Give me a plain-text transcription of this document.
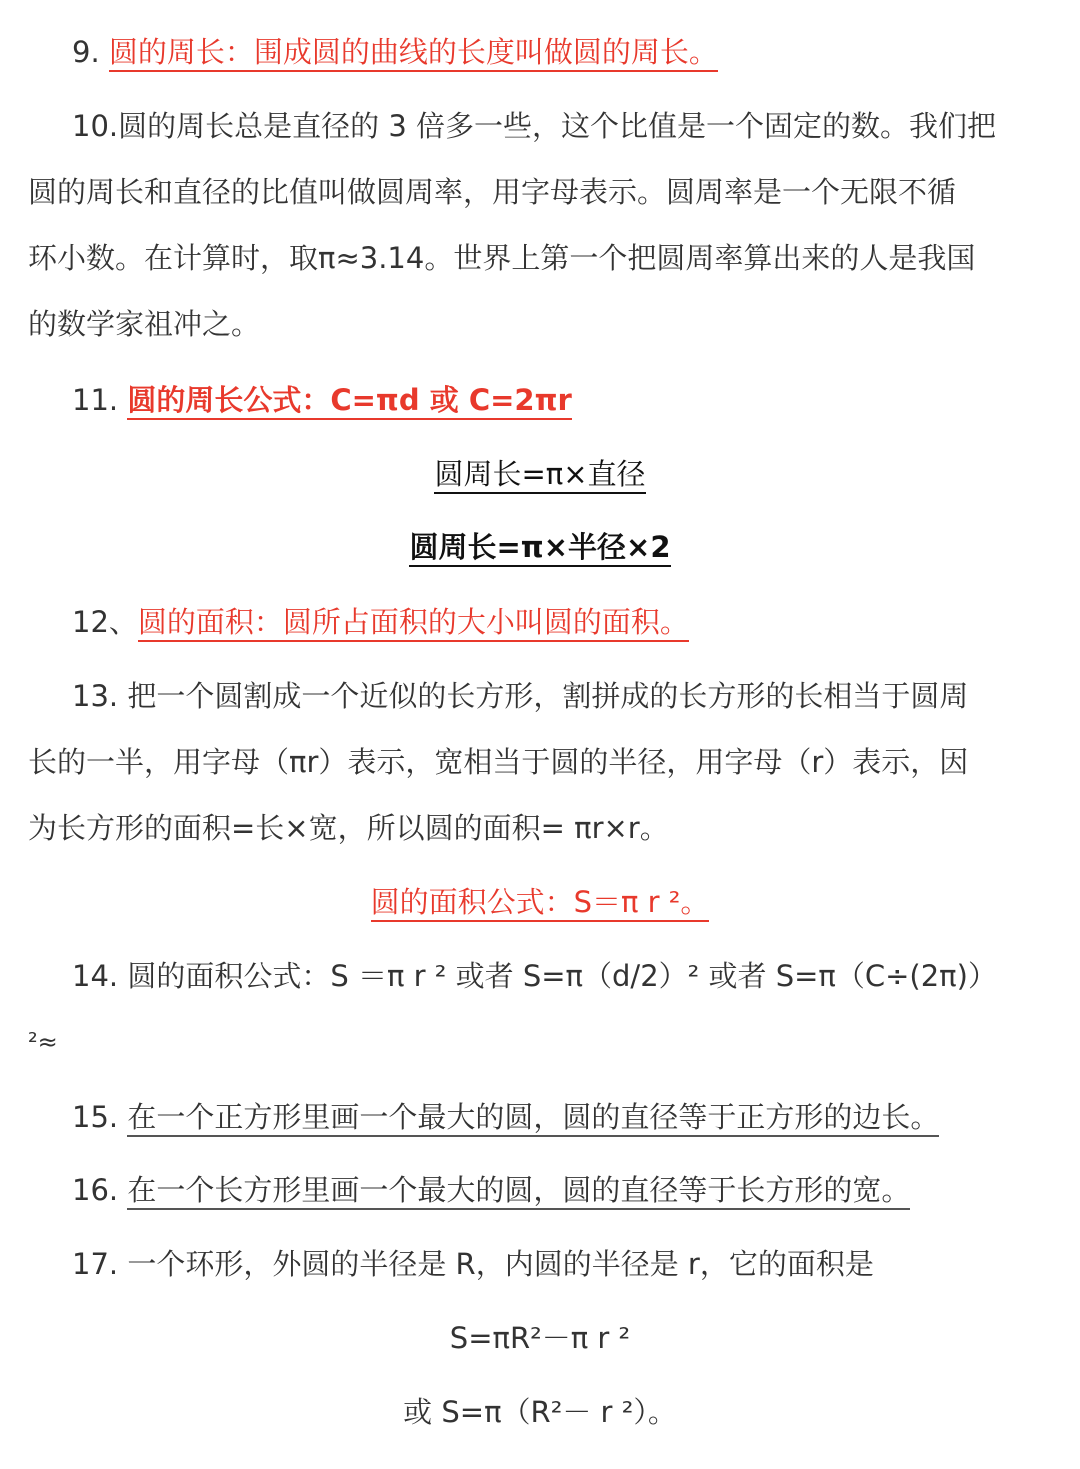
9. 圆的周长：围成圆的曲线的长度叫做圆的周长。
10.圆的周长总是直径的 3 倍多一些，这个比值是一个固定的数。我们把
圆的周长和直径的比值叫做圆周率，用字母表示。圆周率是一个无限不循
环小数。在计算时，取π≈3.14。世界上第一个把圆周率算出来的人是我国
的数学家祖冲之。
11. 圆的周长公式：C=πd 或 C=2πr
圆周长=π×直径
圆周长=π×半径×2
12、圆的面积：圆所占面积的大小叫圆的面积。
13. 把一个圆割成一个近似的长方形，割拼成的长方形的长相当于圆周
长的一半，用字母（πr）表示，宽相当于圆的半径，用字母（r）表示，因
为长方形的面积=长×宽，所以圆的面积= πr×r。
圆的面积公式：S＝π r ²。
14. 圆的面积公式：S ＝π r ² 或者 S=π（d/2）² 或者 S=π（C÷(2π)）
²≈
15. 在一个正方形里画一个最大的圆，圆的直径等于正方形的边长。
16. 在一个长方形里画一个最大的圆，圆的直径等于长方形的宽。
17. 一个环形，外圆的半径是 R，内圆的半径是 r，它的面积是
S=πR²－π r ²
或 S=π（R²－ r ²）。
